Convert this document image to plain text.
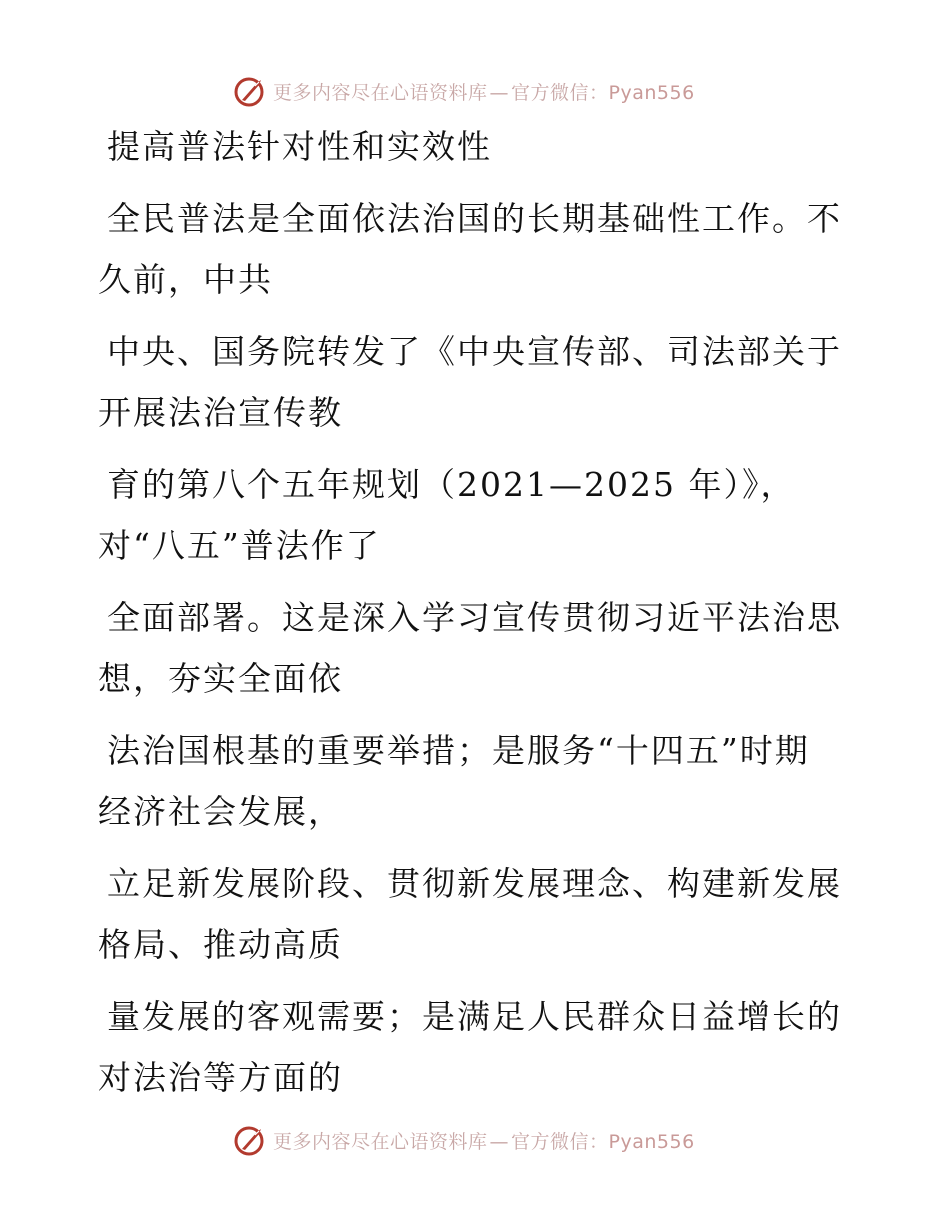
更多内容尽在心语资料库 — 官方微信：Pyan556
提高普法针对性和实效性
全民普法是全面依法治国的长期基础性工作。不
久前，中共
中央、国务院转发了《中央宣传部、司法部关于
开展法治宣传教
育的第八个五年规划（2021—2025 年）》，
对“八五”普法作了
全面部署。这是深入学习宣传贯彻习近平法治思
想，夯实全面依
法治国根基的重要举措；是服务“十四五”时期
经济社会发展，
立足新发展阶段、贯彻新发展理念、构建新发展
格局、推动高质
量发展的客观需要；是满足人民群众日益增长的
对法治等方面的
更多内容尽在心语资料库 — 官方微信：Pyan556
